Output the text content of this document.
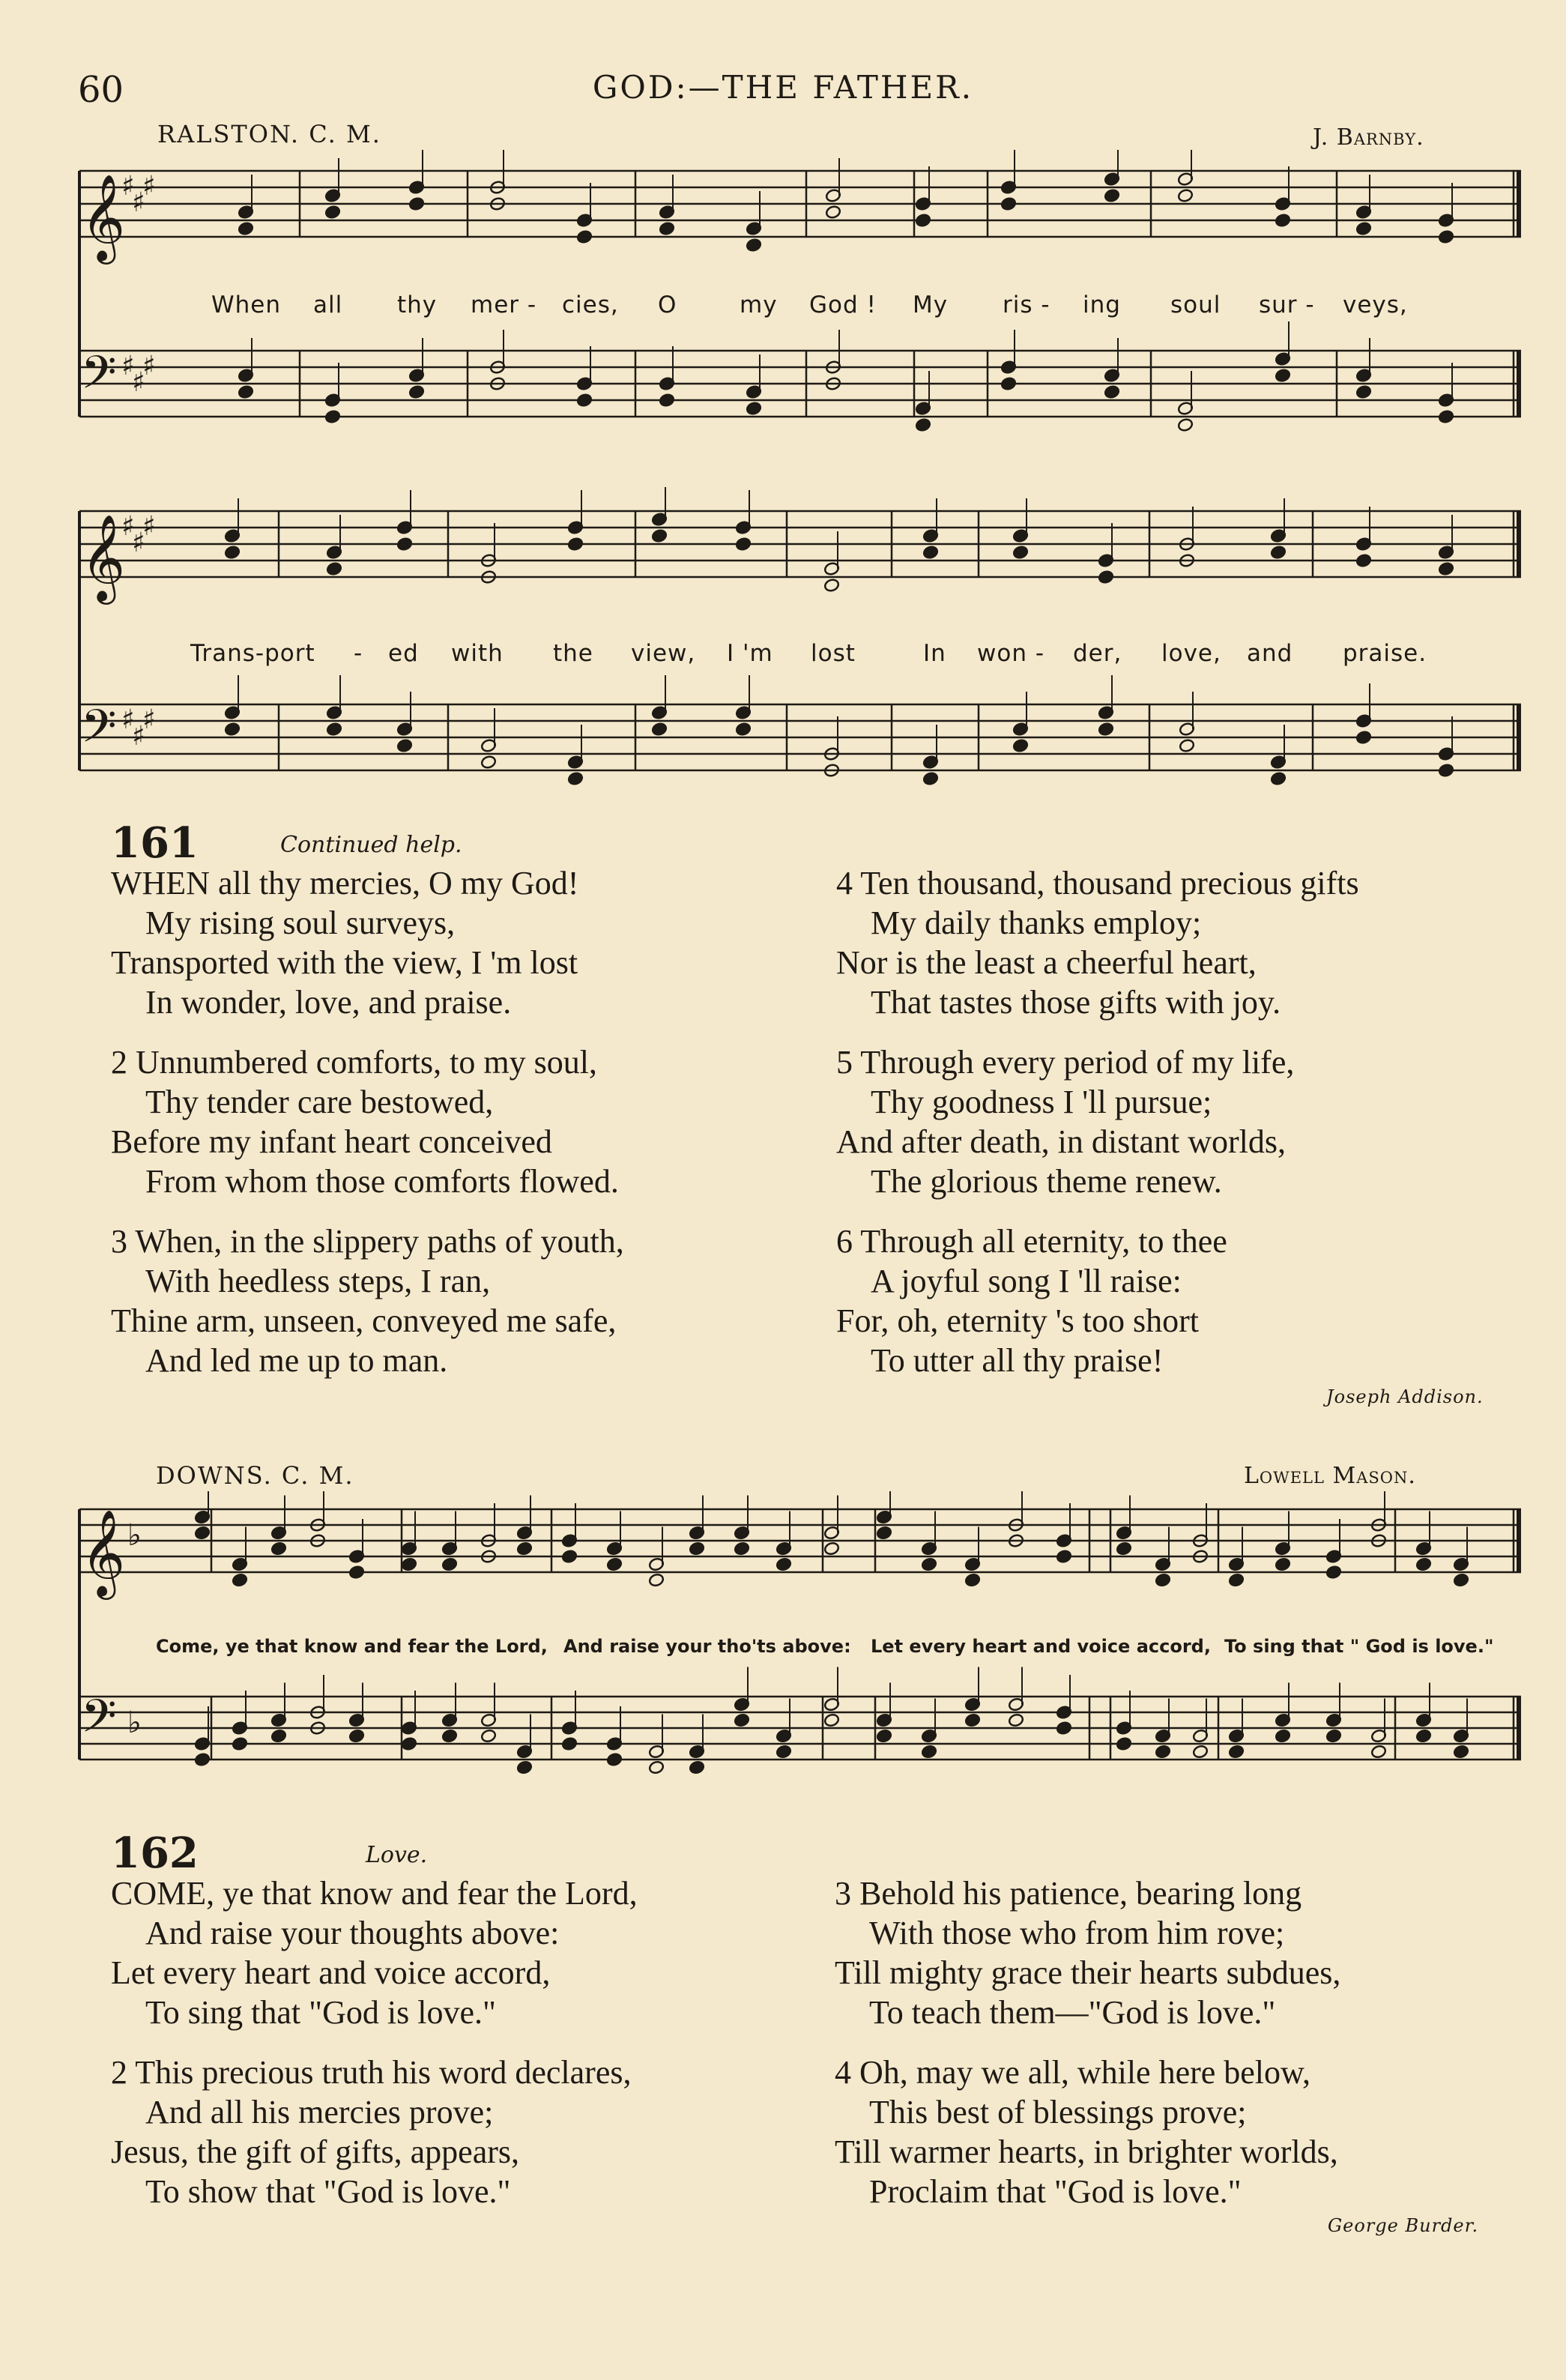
60	GOD:—THE FATHER.
RALSTON. C. M.	J. Barnby.
When all thy mer - cies, O	my God ! My ris - ing soul sur - veys,
𝄞
𝄢
♯
♯
♯
♯
♯
♯
Trans-port - ed with the view, I 'm lost	In won - der, love, and praise.
𝄞
𝄢
♯
♯
♯
♯
♯
♯
161	Continued help.
WHEN all thy mercies, O my God!
My rising soul surveys,
Transported with the view, I 'm lost
In wonder, love, and praise.
2 Unnumbered comforts, to my soul,
Thy tender care bestowed,
Before my infant heart conceived
From whom those comforts flowed.
3 When, in the slippery paths of youth,
With heedless steps, I ran,
Thine arm, unseen, conveyed me safe,
And led me up to man.
4 Ten thousand, thousand precious gifts
My daily thanks employ;
Nor is the least a cheerful heart,
That tastes those gifts with joy.
5 Through every period of my life,
Thy goodness I 'll pursue;
And after death, in distant worlds,
The glorious theme renew.
6 Through all eternity, to thee
A joyful song I 'll raise:
For, oh, eternity 's too short
To utter all thy praise!
Joseph Addison.
DOWNS. C. M.	Lowell Mason.
𝄞 ♭
𝄢 ♭
Come, ye that know and fear the Lord, And raise your tho'ts above: Let every heart and voice accord, To sing that " God is love."
162	Love.
COME, ye that know and fear the Lord,
And raise your thoughts above:
Let every heart and voice accord,
To sing that "God is love."
2 This precious truth his word declares,
And all his mercies prove;
Jesus, the gift of gifts, appears,
To show that "God is love."
3 Behold his patience, bearing long
With those who from him rove;
Till mighty grace their hearts subdues,
To teach them—"God is love."
4 Oh, may we all, while here below,
This best of blessings prove;
Till warmer hearts, in brighter worlds,
Proclaim that "God is love."
George Burder.
